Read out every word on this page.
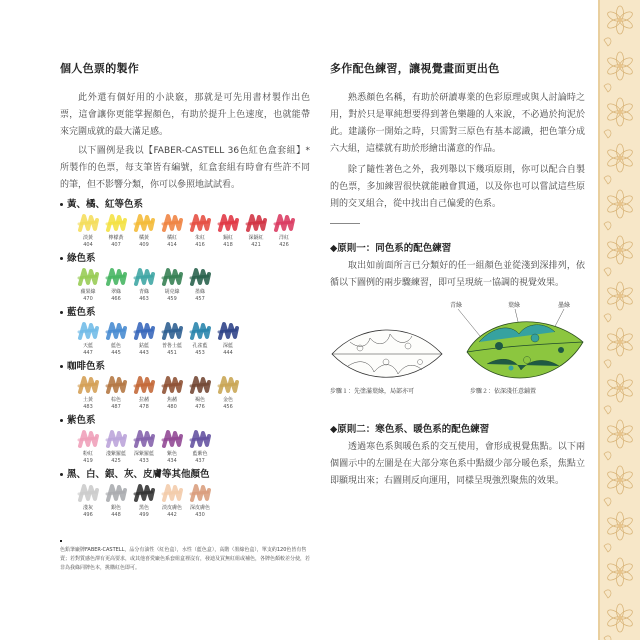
個人色票的製作

此外還有個好用的小訣竅，那就是可先用書材製作出色票，這會讓你更能掌握顏色，有助於提升上色速度，也就能帶來完圍成就的最大滿足感。

以下圖例是我以【FABER-CASTELL 36色紅色盒套組】* 所製作的色票，每支筆皆有編號，紅盒套組有時會有些許不同的筆，但不影響分類，你可以參照地試試看。

黃、橘、紅等色系
淡黃
404
檸檬黃
407
橘黃
409
橘紅
414
朱紅
416
鎘紅
418
深鎘紅
421
洋紅
426
綠色系
蘋果綠
470
翠綠
466
青綠
463
胡克綠
459
墨綠
457
藍色系
天藍
447
藍色
445
鈷藍
443
普魯士藍
451
孔雀藍
453
深藍
444
咖啡色系
土黃
483
棕色
487
拉赭
478
焦赭
480
褐色
476
金色
456
紫色系
粉紅
419
淺紫羅藍
425
深紫羅藍
433
紫色
434
藍紫色
437
黑、白、銀、灰、皮膚等其他顏色
淺灰
496
銀色
448
黑色
499
淡皮膚色
442
深皮膚色
430
色鉛筆廠牌FABER-CASTELL，品分有油性（紅色盒），水性（藍色盒），高階（墨綠色盒），單支約120色皆有售賣；若對質感色澤有更高要求，或其他喜愛廠色系套組盒裡沒有，發迪及買無紅組或補色，各牌色顏較差分使，若非為我綠同牌色本，挑購紅色即可。
多作配色練習，讓視覺畫面更出色

熟悉顏色名稱，有助於研讀專業的色彩原理或與人討論時之用，對於只是單純想要得到著色樂趣的人來說，不必過於拘泥於此。建議你一開始之時，只需對三原色有基本認識，把色筆分成六大組，這樣就有助於形繪出滿意的作品。

除了隨性著色之外，我列舉以下幾項原則，你可以配合自製的色票，多加練習很快就能融會貫通，以及你也可以嘗試這些原則的交叉組合，從中找出自己偏愛的色系。

◆原則一：同色系的配色練習

取出如前面所言已分類好的任一組顏色並從淺到深排列，依循以下圖例的兩步驟練習，即可呈現統一協調的視覺效果。

青綠	葉綠	墨綠
步驟１：先塗滿葉綠，局部亦可	步驟２：依深淺任意鋪置

◆原則二：寒色系、暖色系的配色練習

透過寒色系與暖色系的交互使用，會形成視覺焦點。以下兩個圖示中的左圖是在大部分寒色系中點綴少部分暖色系，焦點立即顯現出來；右圖則反向運用，同樣呈現強烈聚焦的效果。
